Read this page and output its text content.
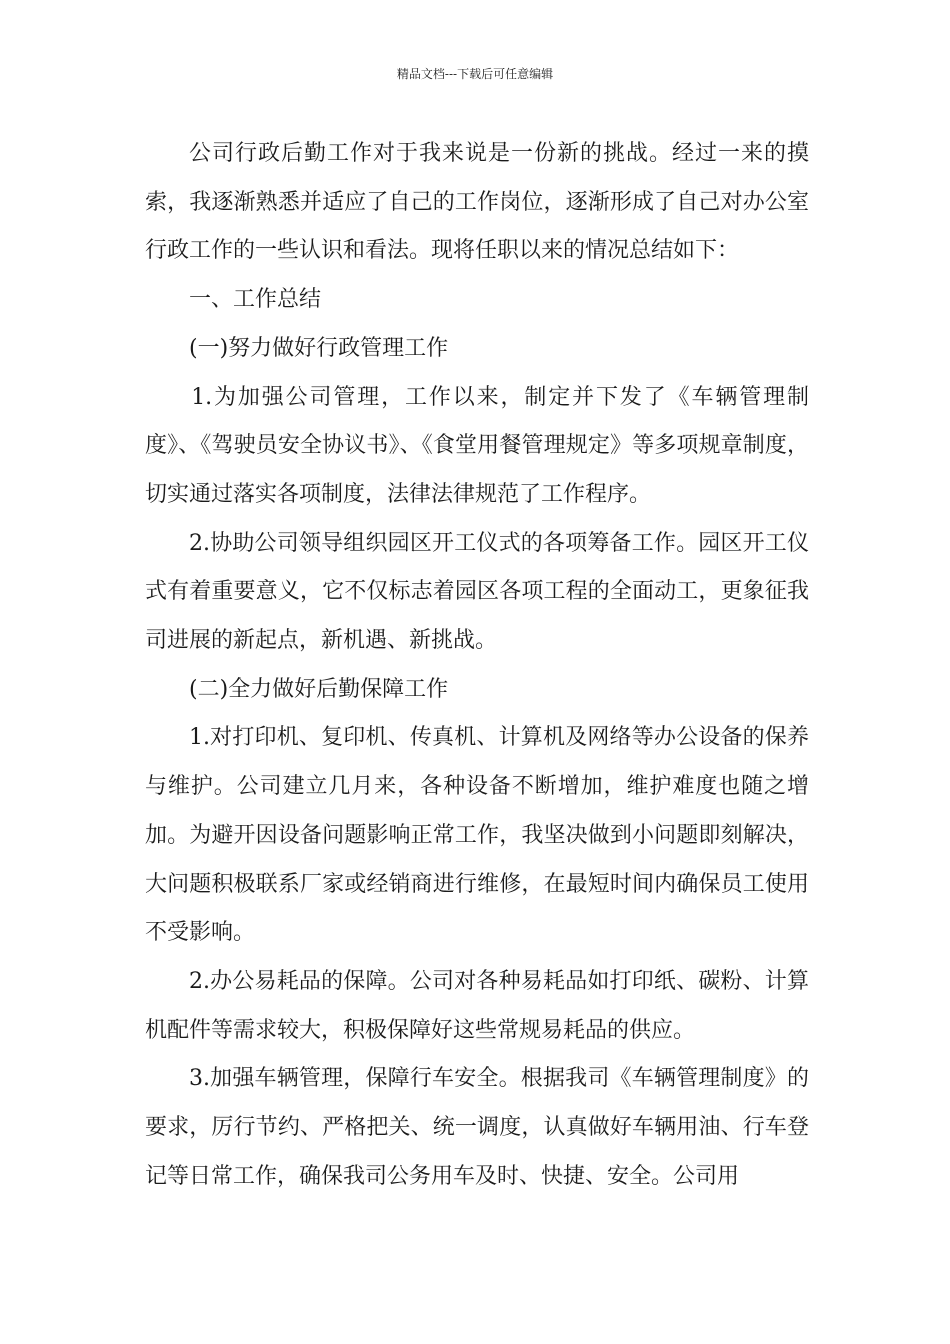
精品文档---下载后可任意编辑

公司行政后勤工作对于我来说是一份新的挑战。经过一来的摸索，我逐渐熟悉并适应了自己的工作岗位，逐渐形成了自己对办公室行政工作的一些认识和看法。现将任职以来的情况总结如下：

一、工作总结

(一)努力做好行政管理工作

1.为加强公司管理，工作以来，制定并下发了《车辆管理制度》、《驾驶员安全协议书》、《食堂用餐管理规定》等多项规章制度，切实通过落实各项制度，法律法律规范了工作程序。

2.协助公司领导组织园区开工仪式的各项筹备工作。园区开工仪式有着重要意义，它不仅标志着园区各项工程的全面动工，更象征我司进展的新起点，新机遇、新挑战。

(二)全力做好后勤保障工作

1.对打印机、复印机、传真机、计算机及网络等办公设备的保养与维护。公司建立几月来，各种设备不断增加，维护难度也随之增加。为避开因设备问题影响正常工作，我坚决做到小问题即刻解决，大问题积极联系厂家或经销商进行维修，在最短时间内确保员工使用不受影响。

2.办公易耗品的保障。公司对各种易耗品如打印纸、碳粉、计算机配件等需求较大，积极保障好这些常规易耗品的供应。

3.加强车辆管理，保障行车安全。根据我司《车辆管理制度》的要求，厉行节约、严格把关、统一调度，认真做好车辆用油、行车登记等日常工作，确保我司公务用车及时、快捷、安全。公司用
